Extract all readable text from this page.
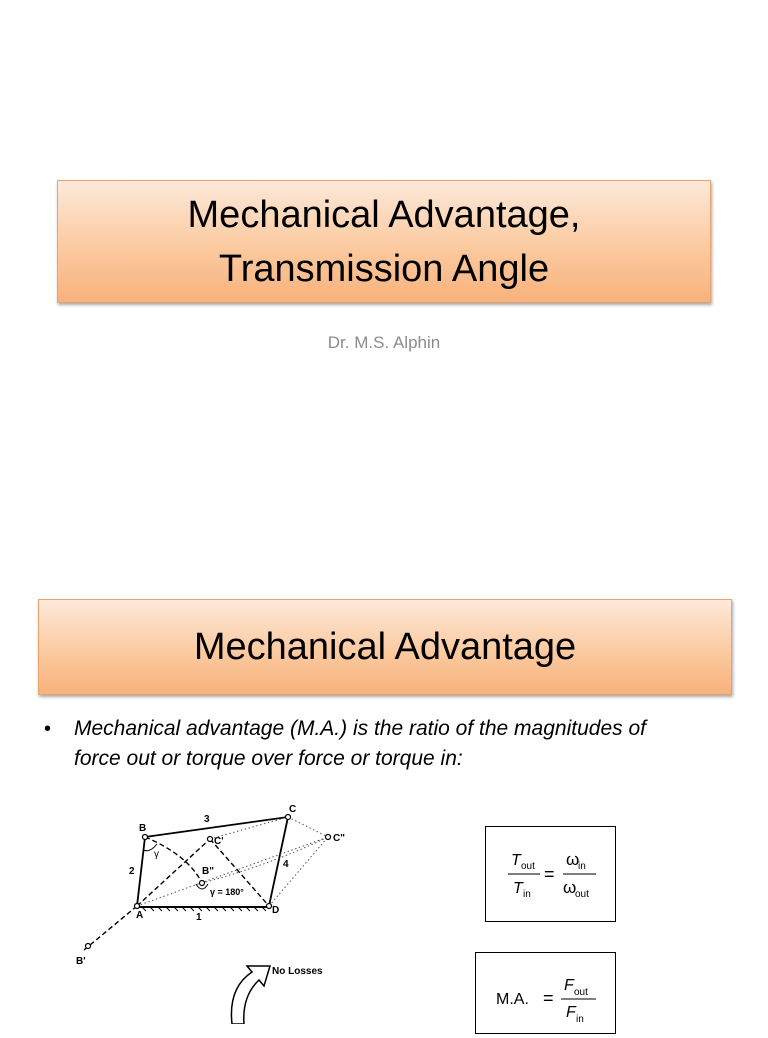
Mechanical Advantage,
Transmission Angle
Dr. M.S. Alphin
Mechanical Advantage
•	Mechanical advantage (M.A.) is the ratio of the magnitudes of
force out or torque over force or torque in:
B
C
C'	C"
A	D
B"
B'
1
2
3
4
γ
γ = 180°
No Losses
T out
T in
=
ω
in
ω
out
M.A. =
F out
F in
